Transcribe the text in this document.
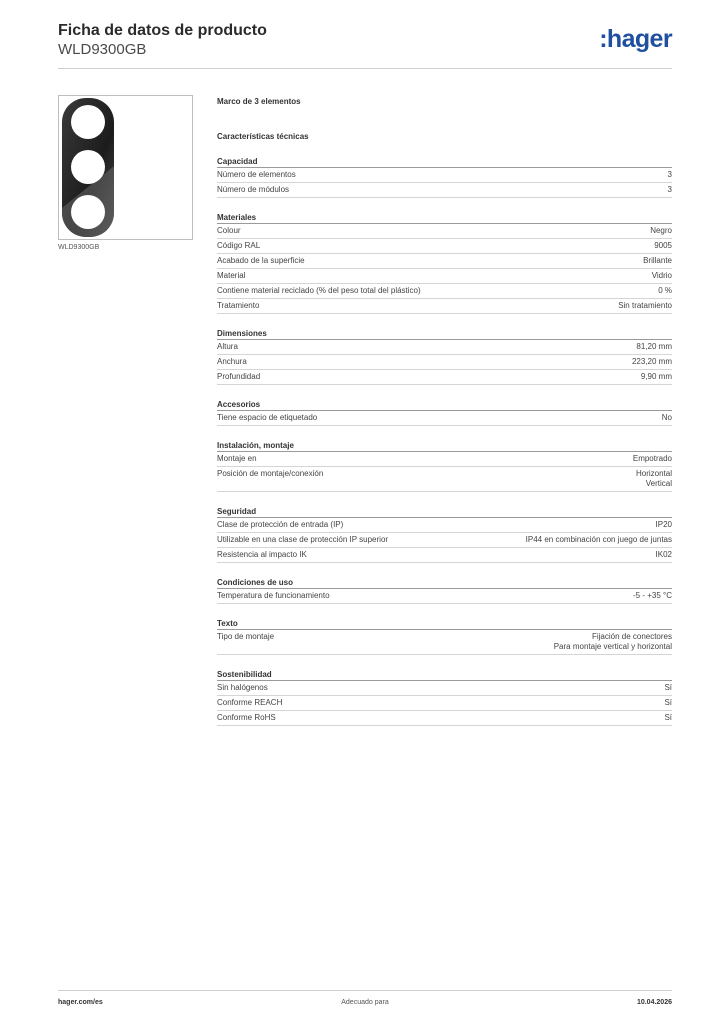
Ficha de datos de producto
WLD9300GB	:hager
WLD9300GB
Marco de 3 elementos
Características técnicas
Capacidad
Número de elementos	3
Número de módulos	3
Materiales
Colour	Negro
Código RAL	9005
Acabado de la superficie	Brillante
Material	Vidrio
Contiene material reciclado (% del peso total del plástico)	0 %
Tratamiento	Sin tratamiento
Dimensiones
Altura	81,20 mm
Anchura	223,20 mm
Profundidad	9,90 mm
Accesorios
Tiene espacio de etiquetado	No
Instalación, montaje
Montaje en	Empotrado
Posición de montaje/conexión	Horizontal
Vertical
Seguridad
Clase de protección de entrada (IP)	IP20
Utilizable en una clase de protección IP superior	IP44 en combinación con juego de juntas
Resistencia al impacto IK	IK02
Condiciones de uso
Temperatura de funcionamiento	-5 - +35 °C
Texto
Tipo de montaje	Fijación de conectores
Para montaje vertical y horizontal
Sostenibilidad
Sin halógenos	Sí
Conforme REACH	Sí
Conforme RoHS	Sí
hager.com/es	Adecuado para	10.04.2026
